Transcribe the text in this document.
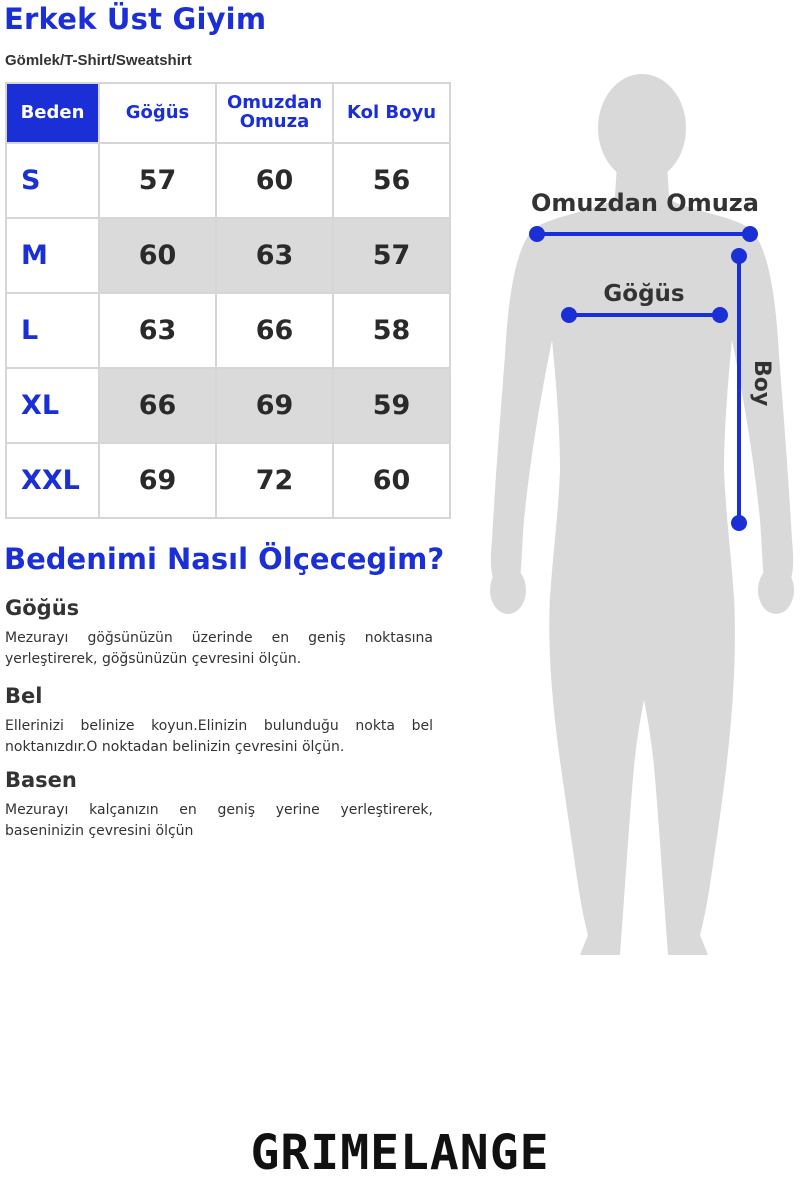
Erkek Üst Giyim
Gömlek/T-Shirt/Sweatshirt
Beden	Göğüs	Omuzdan Omuza	Kol Boyu
S	57	60	56
M	60	63	57
L	63	66	58
XL	66	69	59
XXL	69	72	60
Bedenimi Nasıl Ölçecegim?
Göğüs
Mezurayı göğsünüzün üzerinde en geniş noktasına yerleştirerek, göğsünüzün çevresini ölçün.
Bel
Ellerinizi belinize koyun.Elinizin bulunduğu nokta bel noktanızdır.O noktadan belinizin çevresini ölçün.
Basen
Mezurayı kalçanızın en geniş yerine yerleştirerek, baseninizin çevresini ölçün
Omuzdan Omuza
Göğüs
Boy
GRIMELANGE
